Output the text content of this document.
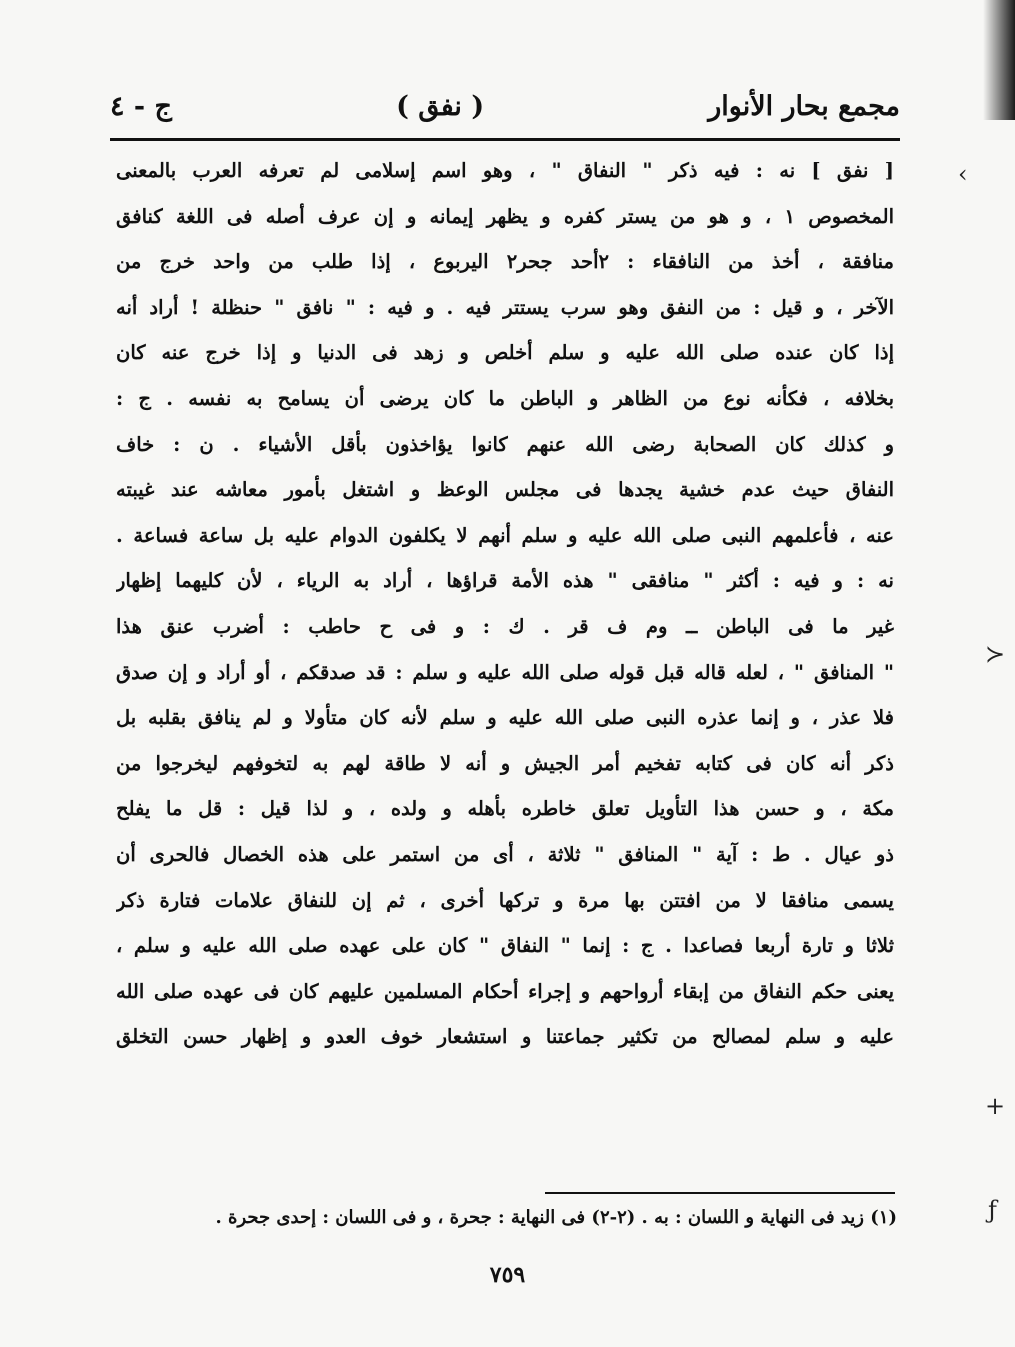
مجمع بحار الأنوار
( نفق )
ج - ٤
[ نفق ] نه : فيه ذكر " النفاق " ، وهو اسم إسلامى لم تعرفه العرب بالمعنى
المخصوص ١ ، و هو من يستر كفره و يظهر إيمانه و إن عرف أصله فى اللغة كنافق
منافقة ، أخذ من النافقاء : ٢أحد جحر٢ اليربوع ، إذا طلب من واحد خرج من
الآخر ، و قيل : من النفق وهو سرب يستتر فيه . و فيه : " نافق " حنظلة ! أراد أنه
إذا كان عنده صلى الله عليه و سلم أخلص و زهد فى الدنيا و إذا خرج عنه كان
بخلافه ، فكأنه نوع من الظاهر و الباطن ما كان يرضى أن يسامح به نفسه . ج :
و كذلك كان الصحابة رضى الله عنهم كانوا يؤاخذون بأقل الأشياء . ن : خاف
النفاق حيث عدم خشية يجدها فى مجلس الوعظ و اشتغل بأمور معاشه عند غيبته
عنه ، فأعلمهم النبى صلى الله عليه و سلم أنهم لا يكلفون الدوام عليه بل ساعة فساعة .
نه : و فيه : أكثر " منافقى " هذه الأمة قراؤها ، أراد به الرياء ، لأن كليهما إظهار
غير ما فى الباطن ــ وم ف قر . ك : و فى ح حاطب : أضرب عنق هذا
" المنافق " ، لعله قاله قبل قوله صلى الله عليه و سلم : قد صدقكم ، أو أراد و إن صدق
فلا عذر ، و إنما عذره النبى صلى الله عليه و سلم لأنه كان متأولا و لم ينافق بقلبه بل
ذكر أنه كان فى كتابه تفخيم أمر الجيش و أنه لا طاقة لهم به لتخوفهم ليخرجوا من
مكة ، و حسن هذا التأويل تعلق خاطره بأهله و ولده ، و لذا قيل : قل ما يفلح
ذو عيال . ط : آية " المنافق " ثلاثة ، أى من استمر على هذه الخصال فالحرى أن
يسمى منافقا لا من افتتن بها مرة و تركها أخرى ، ثم إن للنفاق علامات فتارة ذكر
ثلاثا و تارة أربعا فصاعدا . ج : إنما " النفاق " كان على عهده صلى الله عليه و سلم ،
يعنى حكم النفاق من إبقاء أرواحهم و إجراء أحكام المسلمين عليهم كان فى عهده صلى الله
عليه و سلم لمصالح من تكثير جماعتنا و استشعار خوف العدو و إظهار حسن التخلق
(١) زيد فى النهاية و اللسان : به . (٢-٢) فى النهاية : جحرة ، و فى اللسان : إحدى جحرة .
٧٥٩
‹
≻
+
ƒ
